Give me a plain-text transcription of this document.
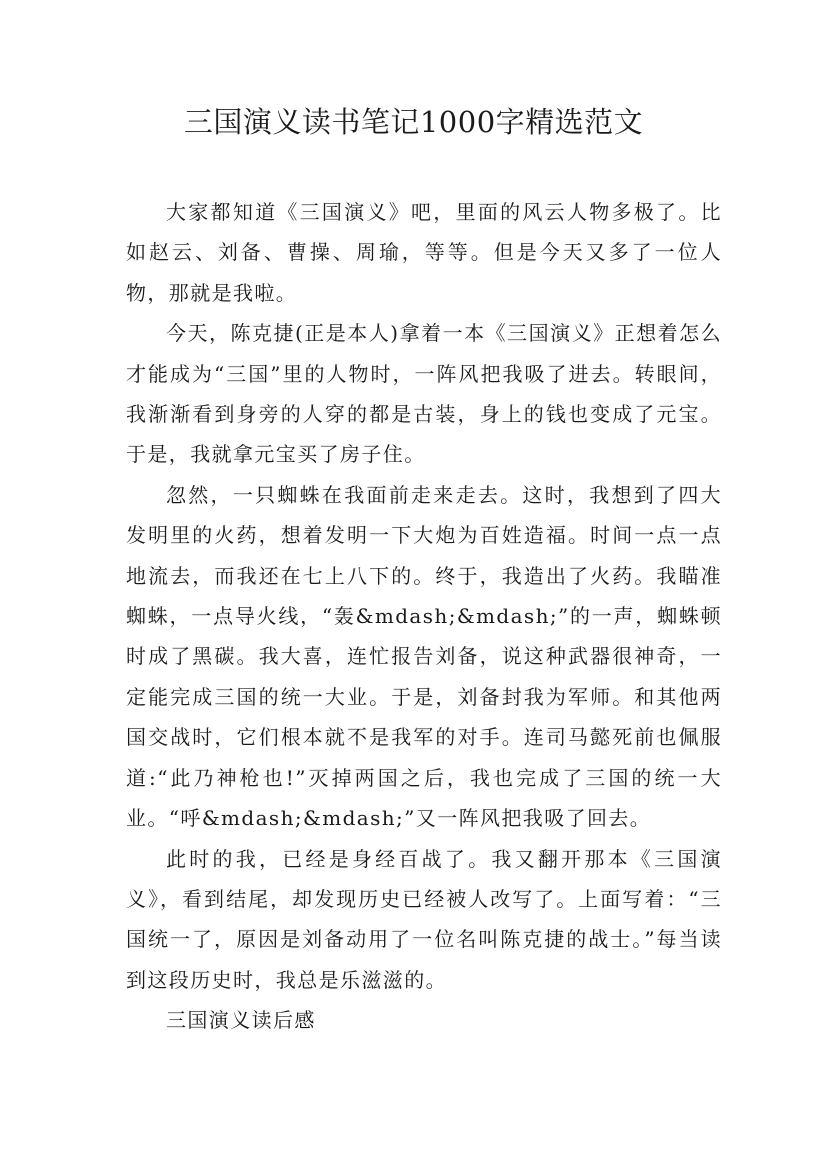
三国演义读书笔记1000字精选范文

大家都知道《三国演义》吧，里面的风云人物多极了。比如赵云、刘备、曹操、周瑜，等等。但是今天又多了一位人物，那就是我啦。

今天，陈克捷(正是本人)拿着一本《三国演义》正想着怎么才能成为“三国”里的人物时，一阵风把我吸了进去。转眼间，我渐渐看到身旁的人穿的都是古装，身上的钱也变成了元宝。于是，我就拿元宝买了房子住。

忽然，一只蜘蛛在我面前走来走去。这时，我想到了四大发明里的火药，想着发明一下大炮为百姓造福。时间一点一点地流去，而我还在七上八下的。终于，我造出了火药。我瞄准蜘蛛，一点导火线，“轰&mdash;&mdash;”的一声，蜘蛛顿时成了黑碳。我大喜，连忙报告刘备，说这种武器很神奇，一定能完成三国的统一大业。于是，刘备封我为军师。和其他两国交战时，它们根本就不是我军的对手。连司马懿死前也佩服道:“此乃神枪也!”灭掉两国之后，我也完成了三国的统一大业。“呼&mdash;&mdash;”又一阵风把我吸了回去。

此时的我，已经是身经百战了。我又翻开那本《三国演义》，看到结尾，却发现历史已经被人改写了。上面写着：“三国统一了，原因是刘备动用了一位名叫陈克捷的战士。”每当读到这段历史时，我总是乐滋滋的。

三国演义读后感
